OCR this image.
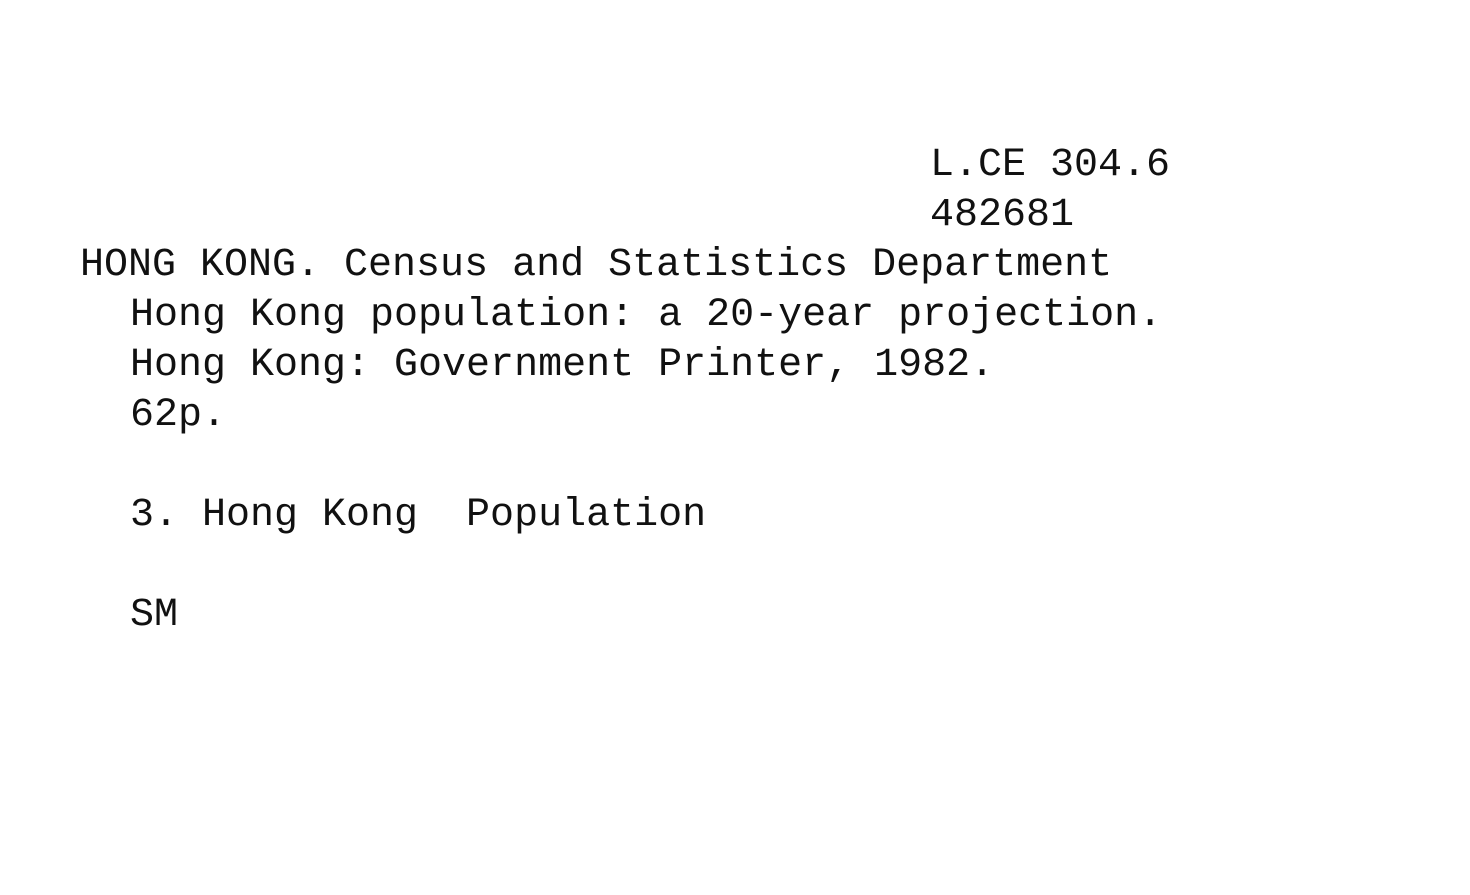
L.CE 304.6
482681
HONG KONG. Census and Statistics Department
Hong Kong population: a 20-year projection.
Hong Kong: Government Printer, 1982.
62p.
3. Hong Kong  Population
SM
